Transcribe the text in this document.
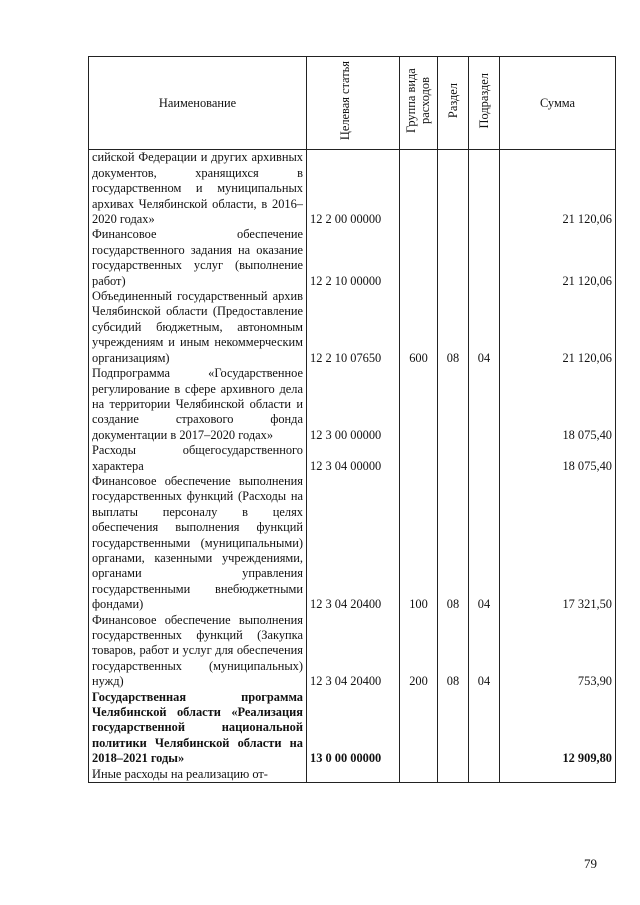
Наименование	Целевая статья	Группа вида расходов	Раздел	Подраздел	Сумма
сийской Федерации и других архивных документов, хранящихся в государственном и муниципальных архивах Челябинской области, в 2016–2020 годах»	12 2 00 00000				21 120,06
Финансовое обеспечение государственного задания на оказание государственных услуг (выполнение работ)	12 2 10 00000				21 120,06
Объединенный государственный архив Челябинской области (Предоставление субсидий бюджетным, автономным учреждениям и иным некоммерческим организациям)	12 2 10 07650	600	08	04	21 120,06
Подпрограмма «Государственное регулирование в сфере архивного дела на территории Челябинской области и создание страхового фонда документации в 2017–2020 годах»	12 3 00 00000				18 075,40
Расходы общегосударственного характера	12 3 04 00000				18 075,40
Финансовое обеспечение выполнения государственных функций (Расходы на выплаты персоналу в целях обеспечения выполнения функций государственными (муниципальными) органами, казенными учреждениями, органами управления государственными внебюджетными фондами)	12 3 04 20400	100	08	04	17 321,50
Финансовое обеспечение выполнения государственных функций (Закупка товаров, работ и услуг для обеспечения государственных (муниципальных) нужд)	12 3 04 20400	200	08	04	753,90
Государственная программа Челябинской области «Реализация государственной национальной политики Челябинской области на 2018–2021 годы»	13 0 00 00000				12 909,80
Иные расходы на реализацию от-					
79
